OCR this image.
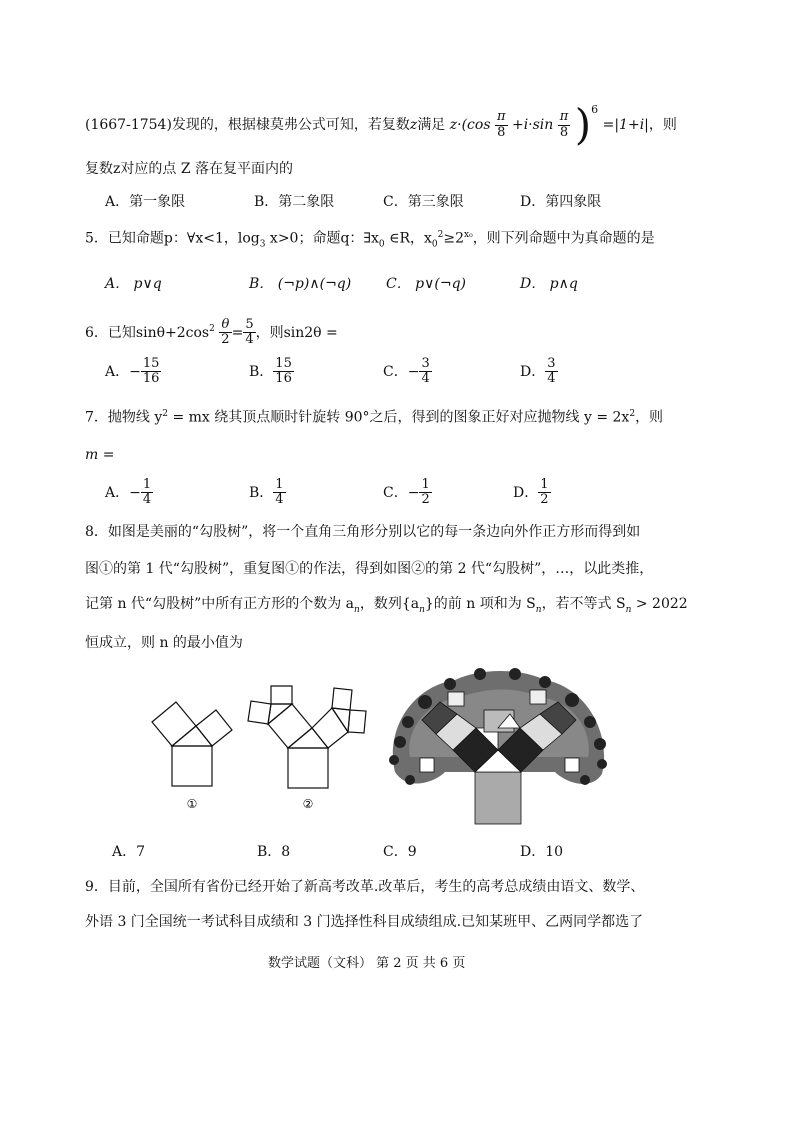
(1667-1754)发现的，根据棣莫弗公式可知，若复数z满足 $z\cdot(\cos \frac{\pi}{8} +i\cdot\sin \frac{\pi}{8} )^6 =|1+i|$，则
复数z对应的点 Z 落在复平面内的
A．第一象限	B．第二象限	C．第三象限	D．第四象限
5．已知命题p：∀x<1，$\log_3 x>0$；命题q：$\exists x_0$ ∈R，$x_0^2\ge 2^{x_0}$，则下列命题中为真命题的是
A． p∨q	B． (¬p)∧(¬q) C． p∨(¬q)	D． p∧q
6．已知$\sin\theta+2\cos^2 \frac{\theta}{2} = \frac{5}{4}$ ，则sin2θ =
A．− $\frac{15}{16}$	B． $\frac{15}{16}$	C．− $\frac{3}{4}$	D． $\frac{3}{4}$
7．抛物线 $y^2$ = mx 绕其顶点顺时针旋转 90°之后，得到的图象正好对应抛物线 $y = 2x^2$，则
m =
A．− $\frac{1}{4}$	B． $\frac{1}{4}$	C．− $\frac{1}{2}$	D． $\frac{1}{2}$
8．如图是美丽的“勾股树”，将一个直角三角形分别以它的每一条边向外作正方形而得到如
图①的第 1 代“勾股树”，重复图①的作法，得到如图②的第 2 代“勾股树”，…，以此类推，
记第 n 代“勾股树”中所有正方形的个数为 $a_n$，数列$\{a_n\}$的前 n 项和为 $S_n$，若不等式 $S_n > 2022$
恒成立，则 n 的最小值为
①	②
A．7	B．8	C．9	D．10
9．目前，全国所有省份已经开始了新高考改革.改革后，考生的高考总成绩由语文、数学、
外语 3 门全国统一考试科目成绩和 3 门选择性科目成绩组成.已知某班甲、乙两同学都选了
数学试题（文科） 第 2 页 共 6 页
